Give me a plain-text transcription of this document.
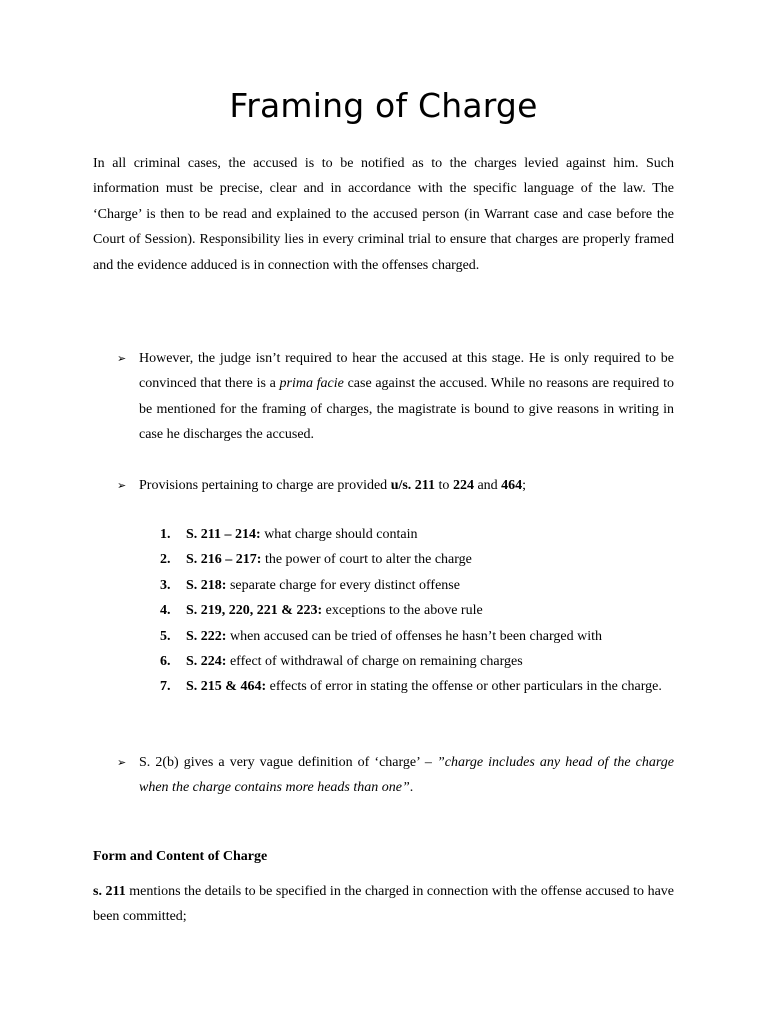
Framing of Charge

In all criminal cases, the accused is to be notified as to the charges levied against him. Such information must be precise, clear and in accordance with the specific language of the law. The ‘Charge’ is then to be read and explained to the accused person (in Warrant case and case before the Court of Session). Responsibility lies in every criminal trial to ensure that charges are properly framed and the evidence adduced is in connection with the offenses charged.

➢ However, the judge isn’t required to hear the accused at this stage. He is only required to be convinced that there is a prima facie case against the accused. While no reasons are required to be mentioned for the framing of charges, the magistrate is bound to give reasons in writing in case he discharges the accused.
➢ Provisions pertaining to charge are provided u/s. 211 to 224 and 464;
1. S. 211 – 214: what charge should contain
2. S. 216 – 217: the power of court to alter the charge
3. S. 218: separate charge for every distinct offense
4. S. 219, 220, 221 & 223: exceptions to the above rule
5. S. 222: when accused can be tried of offenses he hasn’t been charged with
6. S. 224: effect of withdrawal of charge on remaining charges
7. S. 215 & 464: effects of error in stating the offense or other particulars in the charge.
➢ S. 2(b) gives a very vague definition of ‘charge’ – ”charge includes any head of the charge when the charge contains more heads than one”.
Form and Content of Charge

s. 211 mentions the details to be specified in the charged in connection with the offense accused to have been committed;
